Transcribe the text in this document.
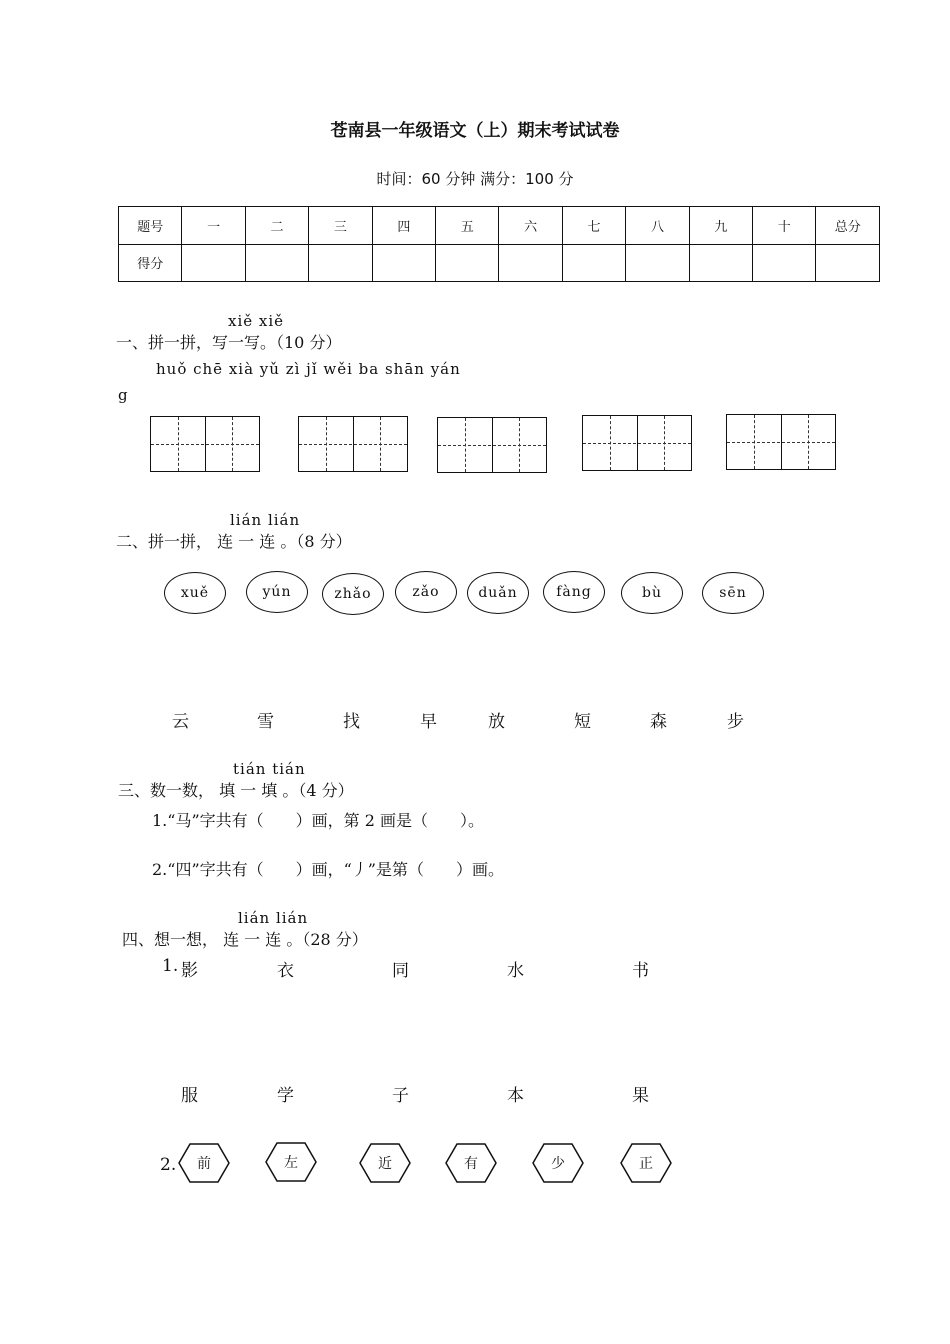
苍南县一年级语文（上）期末考试试卷
时间：60 分钟 满分：100 分
题号	一	二	三	四	五	六	七	八	九	十	总分
得分											
xiě xiě
一、拼一拼，写一写。（10 分）
huǒ chē xià yǔ zì jǐ wěi ba shān yán
g
lián lián
二、拼一拼， 连 一 连 。（8 分）
xuě	yún	zhǎo	zǎo	duǎn	fàng	bù	sēn
云	雪	找	早	放	短	森	步
tián tián
三、数一数， 填 一 填 。（4 分）
1.“马”字共有（　　）画，第 2 画是（　　）。
2.“四”字共有（　　）画，“丿”是第（　　）画。
lián lián
四、想一想， 连 一 连 。（28 分）
1. 影	衣	同	水	书
服	学	子	本	果
2.	前	左	近	有	少	正
